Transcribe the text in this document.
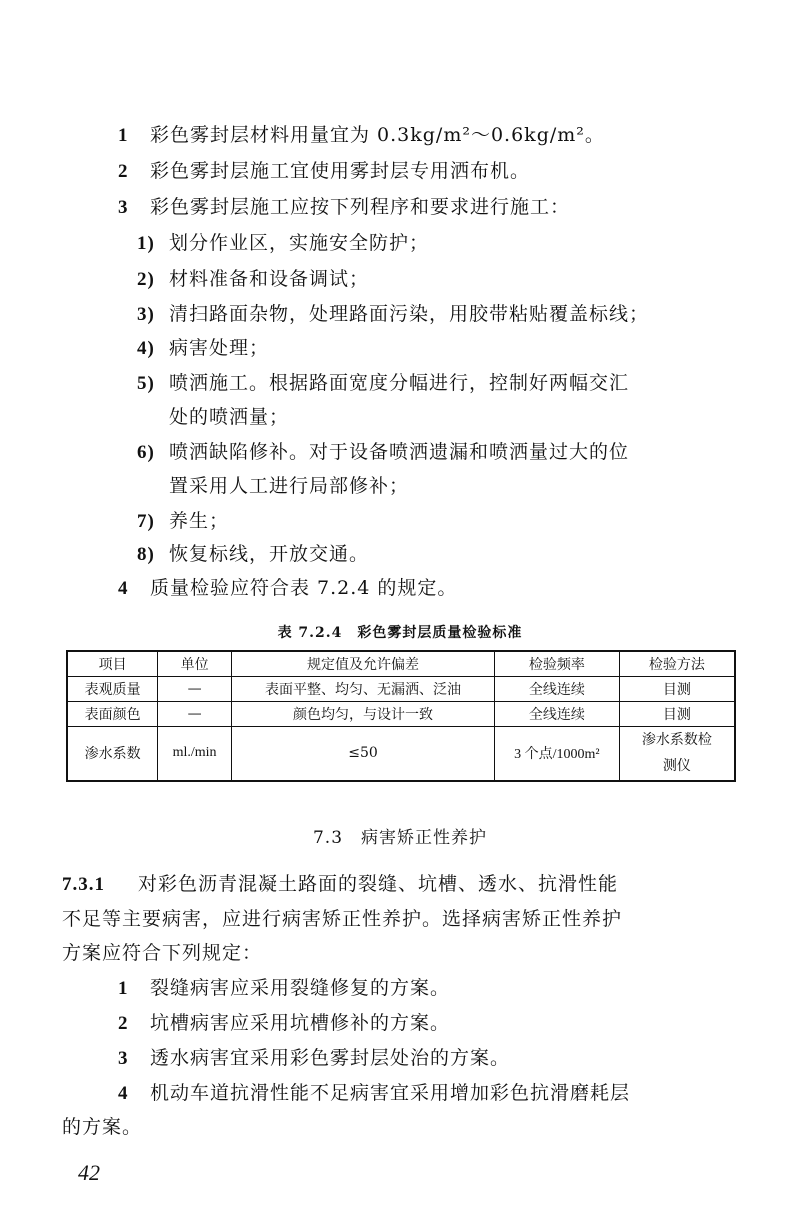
1 彩色雾封层材料用量宜为 0.3kg/m²～0.6kg/m²。
2 彩色雾封层施工宜使用雾封层专用洒布机。
3 彩色雾封层施工应按下列程序和要求进行施工：
1) 划分作业区，实施安全防护；
2) 材料准备和设备调试；
3) 清扫路面杂物，处理路面污染，用胶带粘贴覆盖标线；
4) 病害处理；
5) 喷洒施工。根据路面宽度分幅进行，控制好两幅交汇
处的喷洒量；
6) 喷洒缺陷修补。对于设备喷洒遗漏和喷洒量过大的位
置采用人工进行局部修补；
7) 养生；
8) 恢复标线，开放交通。
4 质量检验应符合表 7.2.4 的规定。
表 7.2.4　彩色雾封层质量检验标准
项目	单位	规定值及允许偏差	检验频率	检验方法
表观质量	—	表面平整、均匀、无漏洒、泛油	全线连续	目测
表面颜色	—	颜色均匀，与设计一致	全线连续	目测
渗水系数	ml./min	≤50	3 个点/1000m²	渗水系数检测仪
7.3　病害矫正性养护
7.3.1 对彩色沥青混凝土路面的裂缝、坑槽、透水、抗滑性能
不足等主要病害，应进行病害矫正性养护。选择病害矫正性养护
方案应符合下列规定：
1 裂缝病害应采用裂缝修复的方案。
2 坑槽病害应采用坑槽修补的方案。
3 透水病害宜采用彩色雾封层处治的方案。
4 机动车道抗滑性能不足病害宜采用增加彩色抗滑磨耗层
的方案。
42
